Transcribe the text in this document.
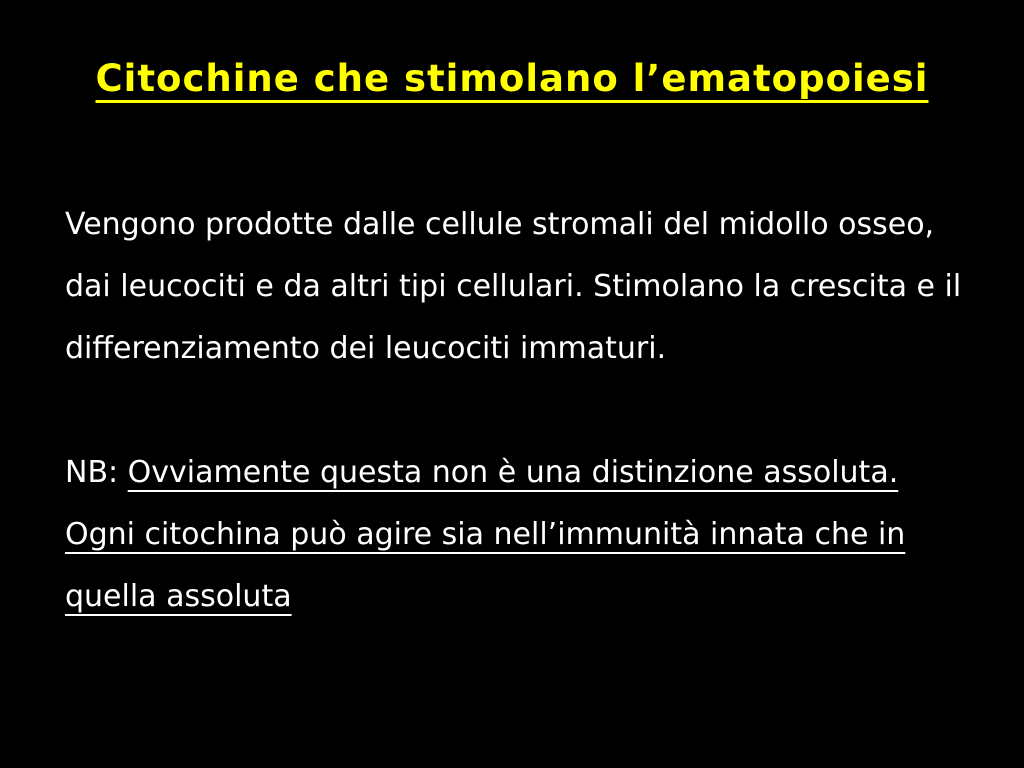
Citochine che stimolano l’ematopoiesi

Vengono prodotte dalle cellule stromali del midollo osseo, dai leucociti e da altri tipi cellulari. Stimolano la crescita e il differenziamento dei leucociti immaturi.

NB: Ovviamente questa non è una distinzione assoluta. Ogni citochina può agire sia nell’immunità innata che in quella assoluta
